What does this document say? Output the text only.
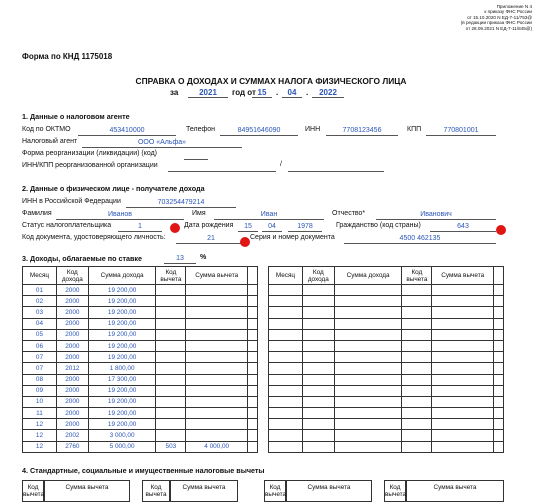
Приложение N 4
к приказу ФНС России
от 15.10.2020 N ЕД-7-11/753@
(в редакции приказа ФНС России
от 28.09.2021 N ЕД-7-11/845@)
Форма по КНД 1175018
СПРАВКА О ДОХОДАХ И СУММАХ НАЛОГА ФИЗИЧЕСКОГО ЛИЦА
за	2021	год от 15	.	04	.	2022
1. Данные о налоговом агенте
Код по ОКТМО	453410000	Телефон	84951646090	ИНН	7708123456	КПП	770801001
Налоговый агент	ООО «Альфа»
Форма реорганизации (ликвидации) (код)
ИНН/КПП реорганизованной организации	/
2. Данные о физическом лице - получателе дохода
ИНН в Российской Федерации	703254479214
Фамилия	Иванов	Имя	Иван	Отчество*	Иванович
Статус налогоплательщика	1	Дата рождения	15	04	1978	Гражданство (код страны)	643
Код документа, удостоверяющего личность:	21	Серия и номер документа	4500 462135
3. Доходы, облагаемые по ставке	13	%
Месяц	Код дохода	Сумма дохода	Код вычета	Сумма вычета	
01	2000	19 200,00			
02	2000	19 200,00			
03	2000	19 200,00			
04	2000	19 200,00			
05	2000	19 200,00			
06	2000	19 200,00			
07	2000	19 200,00			
07	2012	1 800,00			
08	2000	17 300,00			
09	2000	19 200,00			
10	2000	19 200,00			
11	2000	19 200,00			
12	2000	19 200,00			
12	2002	3 000,00			
12	2760	5 000,00	503	4 000,00	
Месяц	Код дохода	Сумма дохода	Код вычета	Сумма вычета	

4. Стандартные, социальные и имущественные налоговые вычеты
Код вычета
Сумма вычета	Код вычета
Сумма вычета	Код вычета
Сумма вычета	Код вычета
Сумма вычета
